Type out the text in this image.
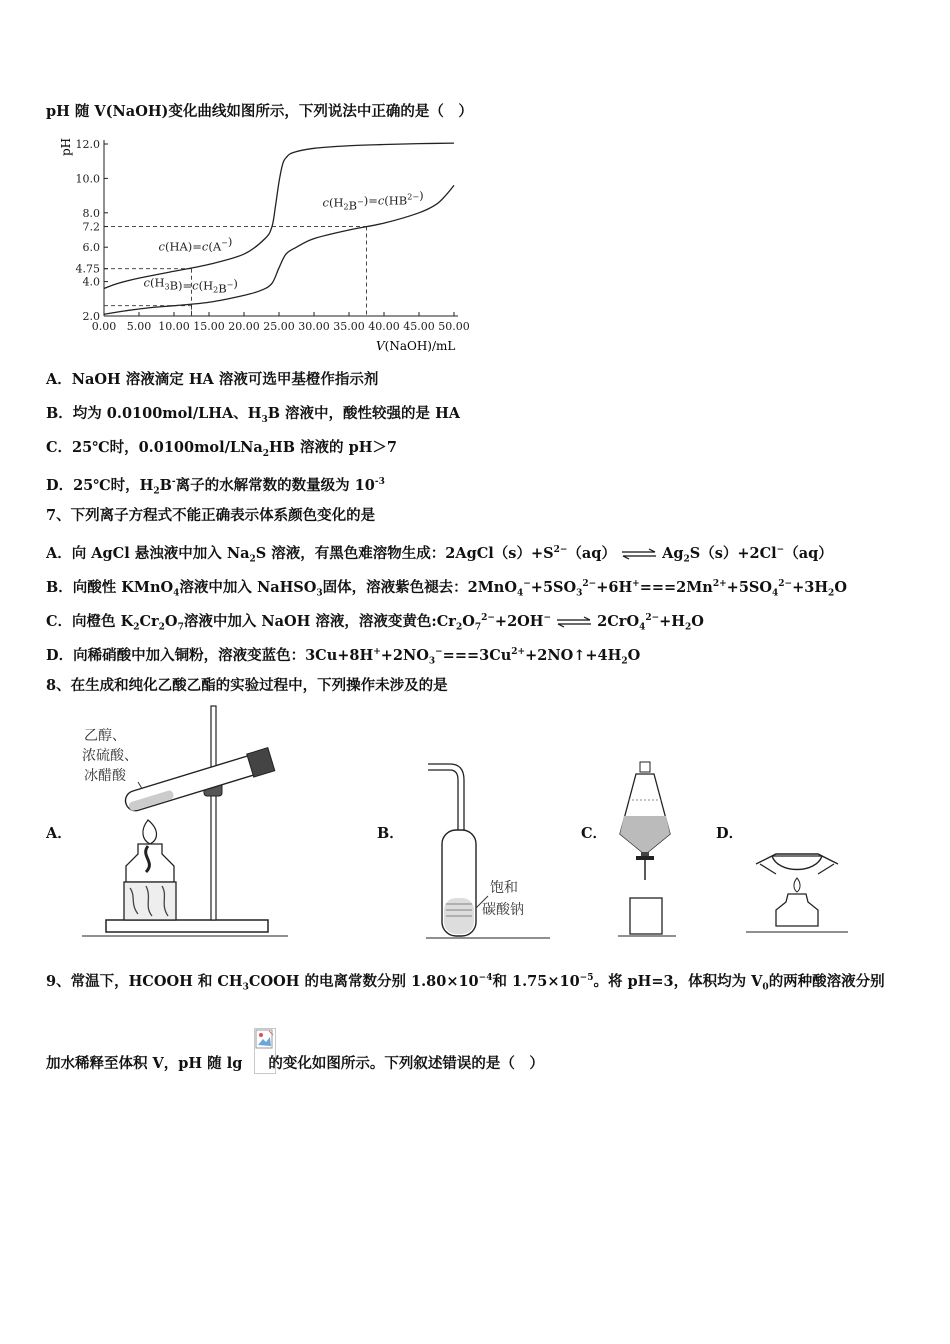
pH 随 V(NaOH)变化曲线如图所示，下列说法中正确的是（　）
2.0
4.0
4.75
6.0
7.2
8.0
10.0
12.0
0.00 5.00 10.00 15.00 20.00 25.00 30.00 35.00 40.00 45.00 50.00
pH
V(NaOH)/mL
$c(H_2B^-)=c(HB^{2-})$
c(HA)=c(A−)
$c(H_3B)=c(H_2B^-)$
A．NaOH 溶液滴定 HA 溶液可选甲基橙作指示剂
B．均为 0.0100mol/LHA、$H_3B$ 溶液中，酸性较强的是 HA
C．25℃时，0.0100mol/LNa$_2$HB 溶液的 pH＞7
D．25℃时，$H_2B^-$离子的水解常数的数量级为 $10^{-3}$
7、下列离子方程式不能正确表示体系颜色变化的是
A．向 AgCl 悬浊液中加入 $Na_2S$ 溶液，有黑色难溶物生成：$2AgCl(s)+S^{2-}(aq)$ ⇌ $Ag_2S(s)+2Cl^-(aq)$
B．向酸性 KMnO$_4$溶液中加入 NaHSO$_3$固体，溶液紫色褪去：$2MnO_4^-+5SO_3^{2-}+6H^+===2Mn^{2+}+5SO_4^{2-}+3H_2O$
C．向橙色 $K_2Cr_2O_7$溶液中加入 NaOH 溶液，溶液变黄色$:Cr_2O_7^{2-}+2OH^-$ ⇌ $2CrO_4^{2-}+H_2O$
D．向稀硝酸中加入铜粉，溶液变蓝色：$3Cu+8H^++2NO_3^-===3Cu^{2+}+2NO↑+4H_2O$
8、在生成和纯化乙酸乙酯的实验过程中，下列操作未涉及的是
A．	B．	C．	D．
乙醇、
浓硫酸、
冰醋酸
饱和
碳酸钠
9、常温下，HCOOH 和 $CH_3COOH$ 的电离常数分别 $1.80\times 10^{-4}$和 $1.75\times 10^{-5}$。将 pH=3，体积均为 $V_0$的两种酸溶液分别
加水稀释至体积 V，pH 随 lg 的变化如图所示。下列叙述错误的是（　）
